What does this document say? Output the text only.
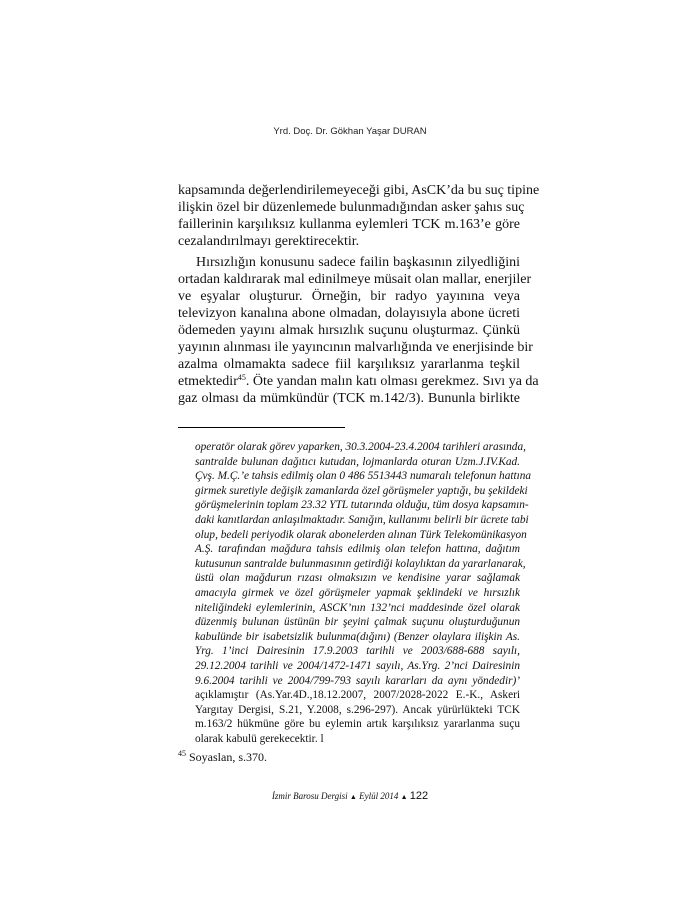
Yrd. Doç. Dr. Gökhan Yaşar DURAN
kapsamında değerlendirilemeyeceği gibi, AsCK’da bu suç tipine
ilişkin özel bir düzenlemede bulunmadığından asker şahıs suç
faillerinin karşılıksız kullanma eylemleri TCK m.163’e göre
cezalandırılmayı gerektirecektir.
Hırsızlığın konusunu sadece failin başkasının zilyedliğini
ortadan kaldırarak mal edinilmeye müsait olan mallar, enerjiler
ve eşyalar oluşturur. Örneğin, bir radyo yayınına veya
televizyon kanalına abone olmadan, dolayısıyla abone ücreti
ödemeden yayını almak hırsızlık suçunu oluşturmaz. Çünkü
yayının alınması ile yayıncının malvarlığında ve enerjisinde bir
azalma olmamakta sadece fiil karşılıksız yararlanma teşkil
etmektedir$^{45}$. Öte yandan malın katı olması gerekmez. Sıvı ya da
gaz olması da mümkündür (TCK m.142/3). Bununla birlikte
operatör olarak görev yaparken, 30.3.2004-23.4.2004 tarihleri arasında,
santralde bulunan dağıtıcı kutudan, lojmanlarda oturan Uzm.J.IV.Kad.
Çvş. M.Ç.’e tahsis edilmiş olan 0 486 5513443 numaralı telefonun hattına
girmek suretiyle değişik zamanlarda özel görüşmeler yaptığı, bu şekildeki
görüşmelerinin toplam 23.32 YTL tutarında olduğu, tüm dosya kapsamın-
daki kanıtlardan anlaşılmaktadır. Sanığın, kullanımı belirli bir ücrete tabi
olup, bedeli periyodik olarak abonelerden alınan Türk Telekomünikasyon
A.Ş. tarafından mağdura tahsis edilmiş olan telefon hattına, dağıtım
kutusunun santralde bulunmasının getirdiği kolaylıktan da yararlanarak,
üstü olan mağdurun rızası olmaksızın ve kendisine yarar sağlamak
amacıyla girmek ve özel görüşmeler yapmak şeklindeki ve hırsızlık
niteliğindeki eylemlerinin, ASCK’nın 132’nci maddesinde özel olarak
düzenmiş bulunan üstünün bir şeyini çalmak suçunu oluşturduğunun
kabulünde bir isabetsizlik bulunma(dığını) (Benzer olaylara ilişkin As.
Yrg. 1’inci Dairesinin 17.9.2003 tarihli ve 2003/688-688 sayılı,
29.12.2004 tarihli ve 2004/1472-1471 sayılı, As.Yrg. 2’nci Dairesinin
9.6.2004 tarihli ve 2004/799-793 sayılı kararları da aynı yöndedir)’
açıklamıştır (As.Yar.4D.,18.12.2007, 2007/2028-2022 E.-K., Askeri
Yargıtay Dergisi, S.21, Y.2008, s.296-297). Ancak yürürlükteki TCK
m.163/2 hükmüne göre bu eylemin artık karşılıksız yararlanma suçu
olarak kabulü gerekecektir. l
$^{45}$ Soyaslan, s.370.
İzmir Barosu Dergisi ▲ Eylül 2014 ▲ 122
